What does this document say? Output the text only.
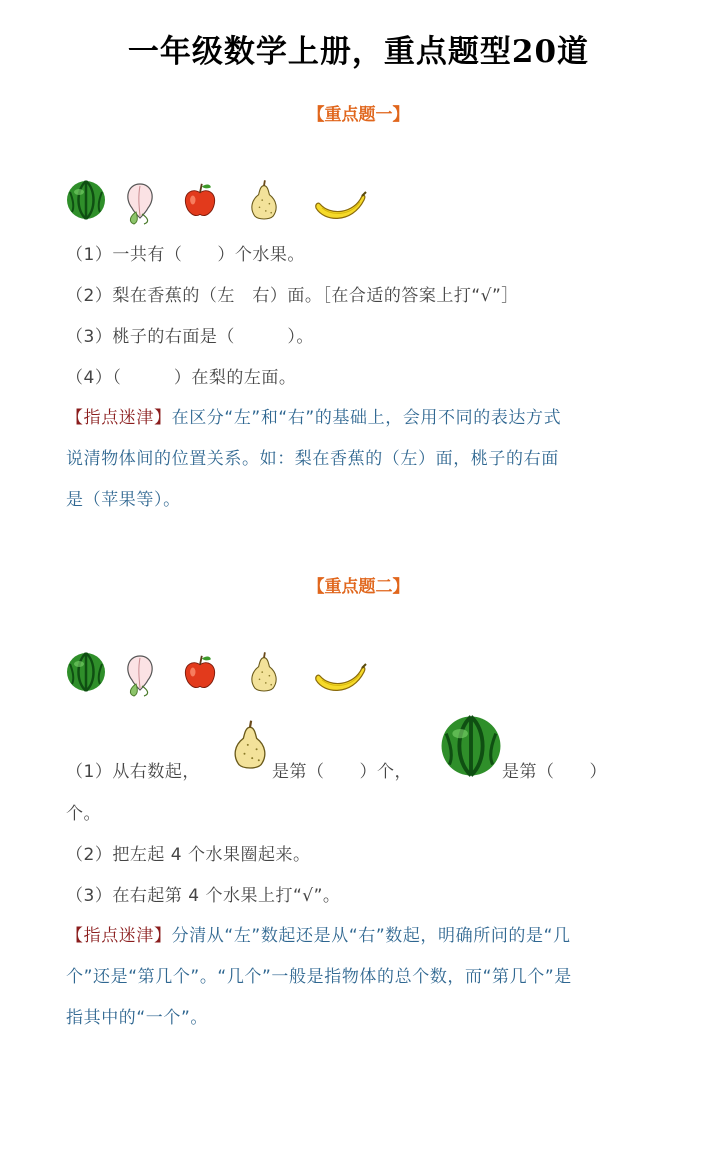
一年级数学上册，重点题型20道
【重点题一】
（1）一共有（　　）个水果。
（2）梨在香蕉的（左　右）面。［在合适的答案上打“√”］
（3）桃子的右面是（　　　）。
（4）（　　　）在梨的左面。
【指点迷津】在区分“左”和“右”的基础上，会用不同的表达方式
说清物体间的位置关系。如：梨在香蕉的（左）面，桃子的右面
是（苹果等）。
【重点题二】
（1）从右数起，	是第（　　）个，	是第（　　）
个。
（2）把左起 4 个水果圈起来。
（3）在右起第 4 个水果上打“√”。
【指点迷津】分清从“左”数起还是从“右”数起，明确所问的是“几
个”还是“第几个”。“几个”一般是指物体的总个数，而“第几个”是
指其中的“一个”。
